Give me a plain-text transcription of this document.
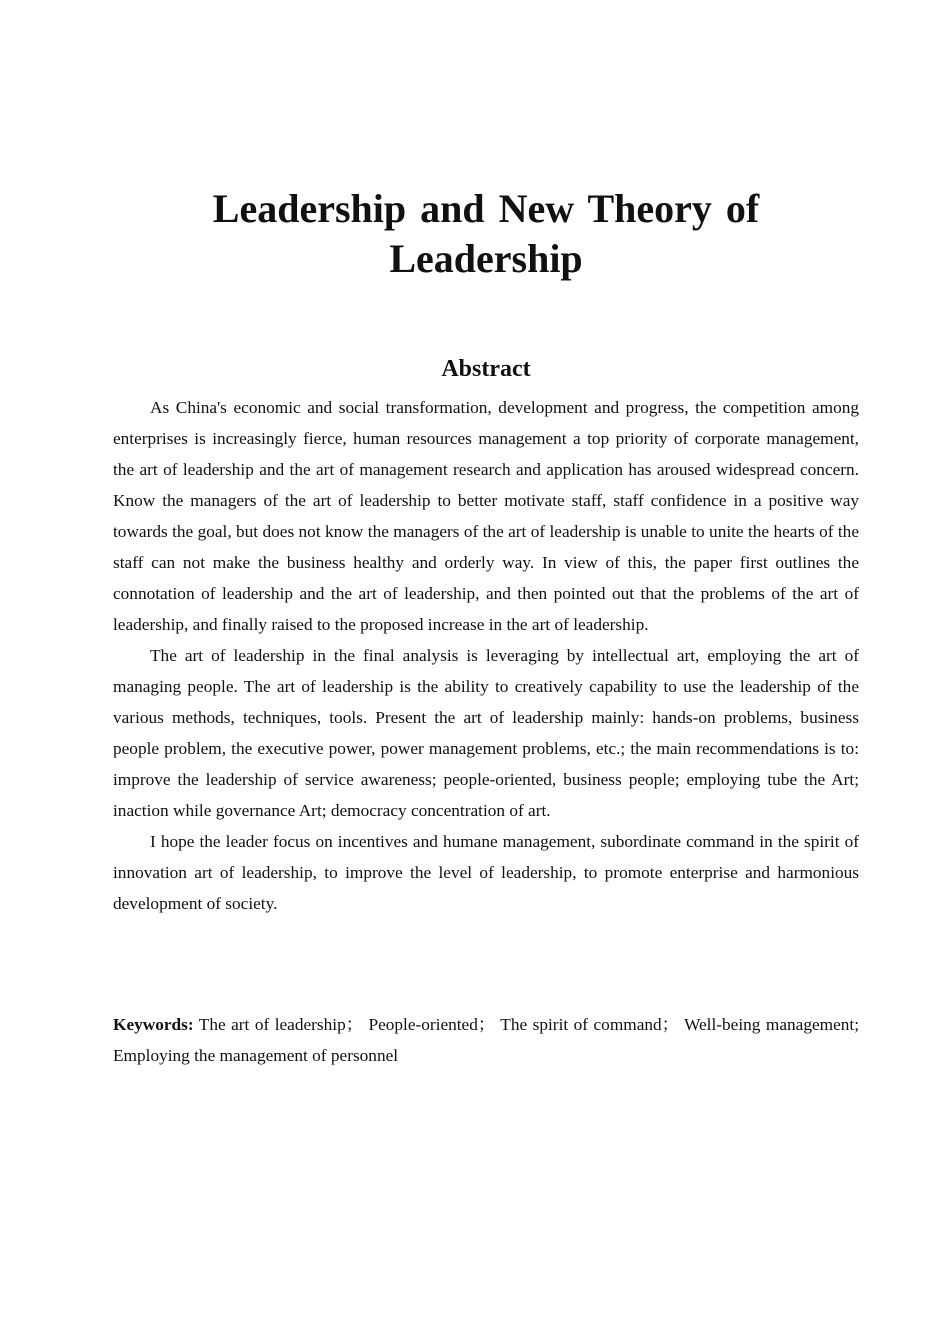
Leadership and New Theory of Leadership
Abstract

As China's economic and social transformation, development and progress, the competition among enterprises is increasingly fierce, human resources management a top priority of corporate management, the art of leadership and the art of management research and application has aroused widespread concern. Know the managers of the art of leadership to better motivate staff, staff confidence in a positive way towards the goal, but does not know the managers of the art of leadership is unable to unite the hearts of the staff can not make the business healthy and orderly way. In view of this, the paper first outlines the connotation of leadership and the art of leadership, and then pointed out that the problems of the art of leadership, and finally raised to the proposed increase in the art of leadership.

The art of leadership in the final analysis is leveraging by intellectual art, employing the art of managing people. The art of leadership is the ability to creatively capability to use the leadership of the various methods, techniques, tools. Present the art of leadership mainly: hands-on problems, business people problem, the executive power, power management problems, etc.; the main recommendations is to: improve the leadership of service awareness; people-oriented, business people; employing tube the Art; inaction while governance Art; democracy concentration of art.

I hope the leader focus on incentives and humane management, subordinate command in the spirit of innovation art of leadership, to improve the level of leadership, to promote enterprise and harmonious development of society.

Keywords: The art of leadership； People-oriented； The spirit of command； Well-being management; Employing the management of personnel
